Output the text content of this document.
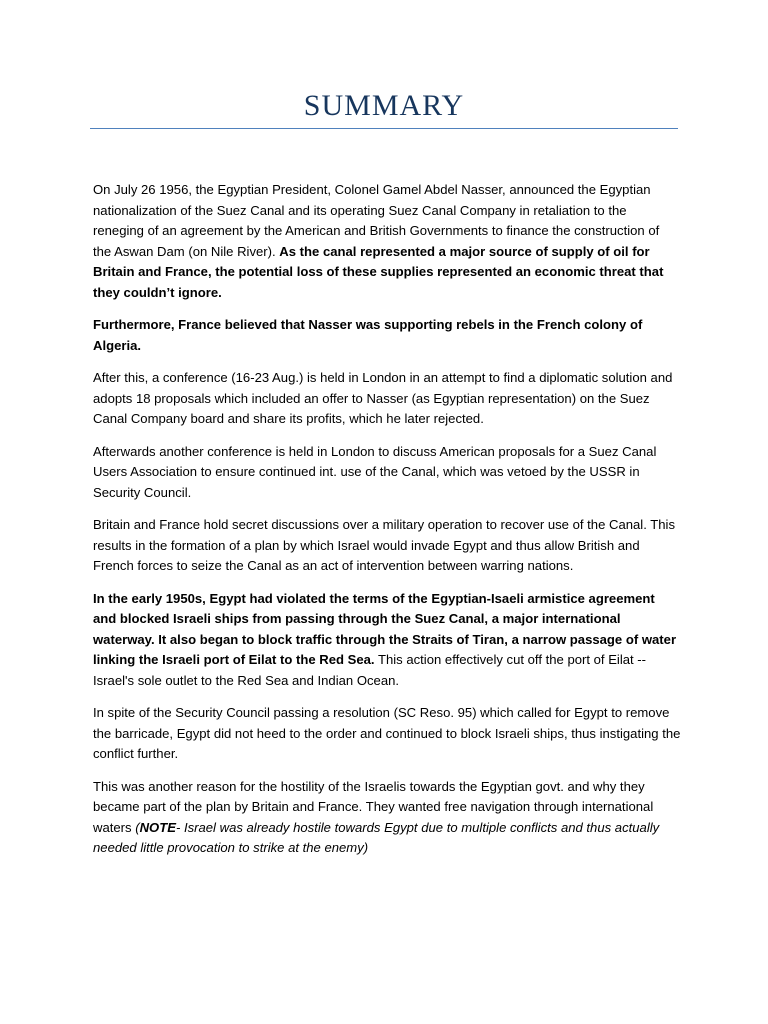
SUMMARY

On July 26 1956, the Egyptian President, Colonel Gamel Abdel Nasser, announced the Egyptian nationalization of the Suez Canal and its operating Suez Canal Company in retaliation to the reneging of an agreement by the American and British Governments to finance the construction of the Aswan Dam (on Nile River). As the canal represented a major source of supply of oil for Britain and France, the potential loss of these supplies represented an economic threat that they couldn’t ignore.

Furthermore, France believed that Nasser was supporting rebels in the French colony of Algeria.

After this, a conference (16-23 Aug.) is held in London in an attempt to find a diplomatic solution and adopts 18 proposals which included an offer to Nasser (as Egyptian representation) on the Suez Canal Company board and share its profits, which he later rejected.

Afterwards another conference is held in London to discuss American proposals for a Suez Canal Users Association to ensure continued int. use of the Canal, which was vetoed by the USSR in Security Council.

Britain and France hold secret discussions over a military operation to recover use of the Canal. This results in the formation of a plan by which Israel would invade Egypt and thus allow British and French forces to seize the Canal as an act of intervention between warring nations.

In the early 1950s, Egypt had violated the terms of the Egyptian-Isaeli armistice agreement and blocked Israeli ships from passing through the Suez Canal, a major international waterway. It also began to block traffic through the Straits of Tiran, a narrow passage of water linking the Israeli port of Eilat to the Red Sea. This action effectively cut off the port of Eilat -- Israel's sole outlet to the Red Sea and Indian Ocean.

In spite of the Security Council passing a resolution (SC Reso. 95) which called for Egypt to remove the barricade, Egypt did not heed to the order and continued to block Israeli ships, thus instigating the conflict further.

This was another reason for the hostility of the Israelis towards the Egyptian govt. and why they became part of the plan by Britain and France. They wanted free navigation through international waters (NOTE- Israel was already hostile towards Egypt due to multiple conflicts and thus actually needed little provocation to strike at the enemy)
